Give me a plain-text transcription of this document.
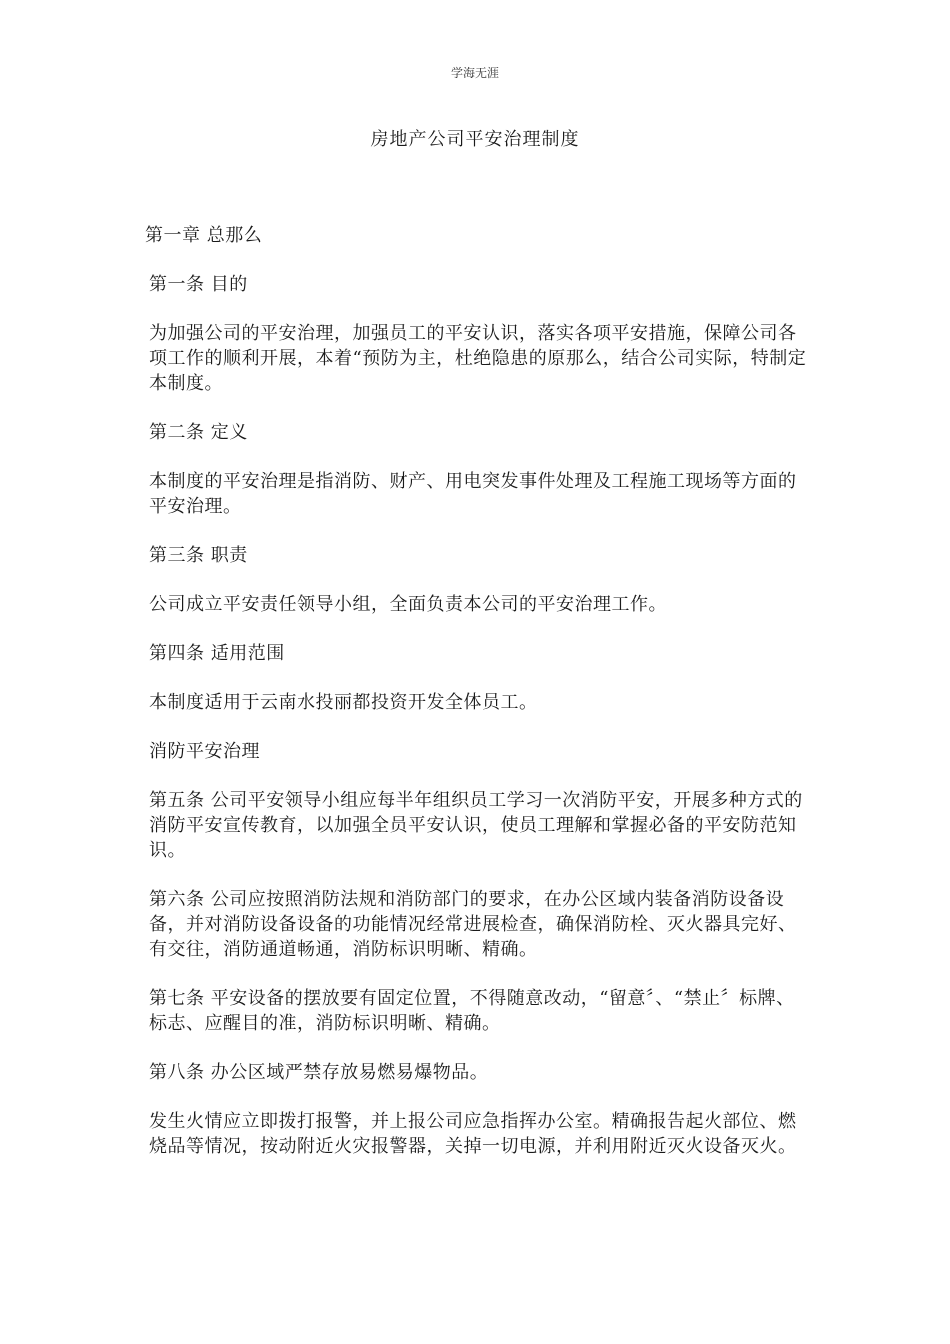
学海无涯
房地产公司平安治理制度

第一章 总那么

第一条 目的

为加强公司的平安治理，加强员工的平安认识，落实各项平安措施，保障公司各项工作的顺利开展，本着“预防为主，杜绝隐患的原那么，结合公司实际，特制定本制度。

第二条 定义

本制度的平安治理是指消防、财产、用电突发事件处理及工程施工现场等方面的平安治理。

第三条 职责

公司成立平安责任领导小组，全面负责本公司的平安治理工作。

第四条 适用范围

本制度适用于云南水投丽都投资开发全体员工。

消防平安治理

第五条 公司平安领导小组应每半年组织员工学习一次消防平安，开展多种方式的消防平安宣传教育，以加强全员平安认识，使员工理解和掌握必备的平安防范知识。

第六条 公司应按照消防法规和消防部门的要求，在办公区域内装备消防设备设备，并对消防设备设备的功能情况经常进展检查，确保消防栓、灭火器具完好、有交往，消防通道畅通，消防标识明晰、精确。

第七条 平安设备的摆放要有固定位置，不得随意改动，“留意〞、“禁止〞标牌、标志、应醒目的准，消防标识明晰、精确。

第八条 办公区域严禁存放易燃易爆物品。

发生火情应立即拨打报警，并上报公司应急指挥办公室。精确报告起火部位、燃烧品等情况，按动附近火灾报警器，关掉一切电源，并利用附近灭火设备灭火。
